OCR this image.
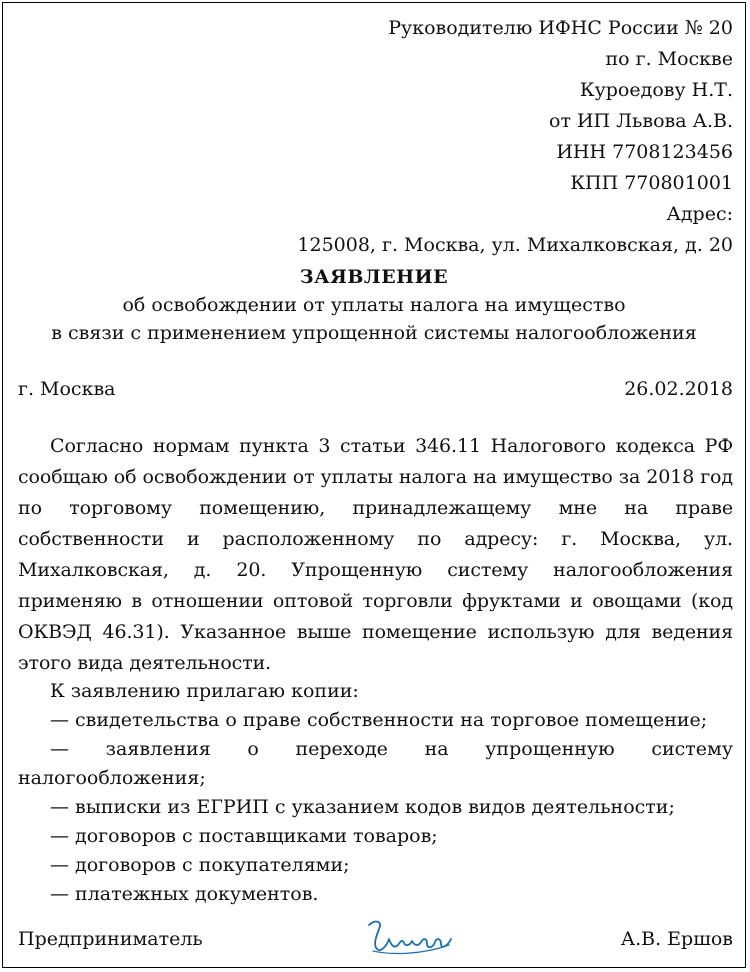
Руководителю ИФНС России № 20
по г. Москве
Куроедову Н.Т.
от ИП Львова А.В.
ИНН 7708123456
КПП 770801001
Адрес:
125008, г. Москва, ул. Михалковская, д. 20
ЗАЯВЛЕНИЕ
об освобождении от уплаты налога на имущество
в связи с применением упрощенной системы налогообложения
г. Москва	26.02.2018
Согласно нормам пункта 3 статьи 346.11 Налогового кодекса РФ сообщаю об освобождении от уплаты налога на имущество за 2018 год по торговому помещению, принадлежащему мне на праве собственности и расположенному по адресу: г. Москва, ул. Михалковская, д. 20. Упрощенную систему налогообложения применяю в отношении оптовой торговли фруктами и овощами (код ОКВЭД 46.31). Указанное выше помещение использую для ведения этого вида деятельности.
К заявлению прилагаю копии:
— свидетельства о праве собственности на торговое помещение;
— заявления о переходе на упрощенную систему налогообложения;
— выписки из ЕГРИП с указанием кодов видов деятельности;
— договоров с поставщиками товаров;
— договоров с покупателями;
— платежных документов.
Предприниматель	А.В. Ершов
